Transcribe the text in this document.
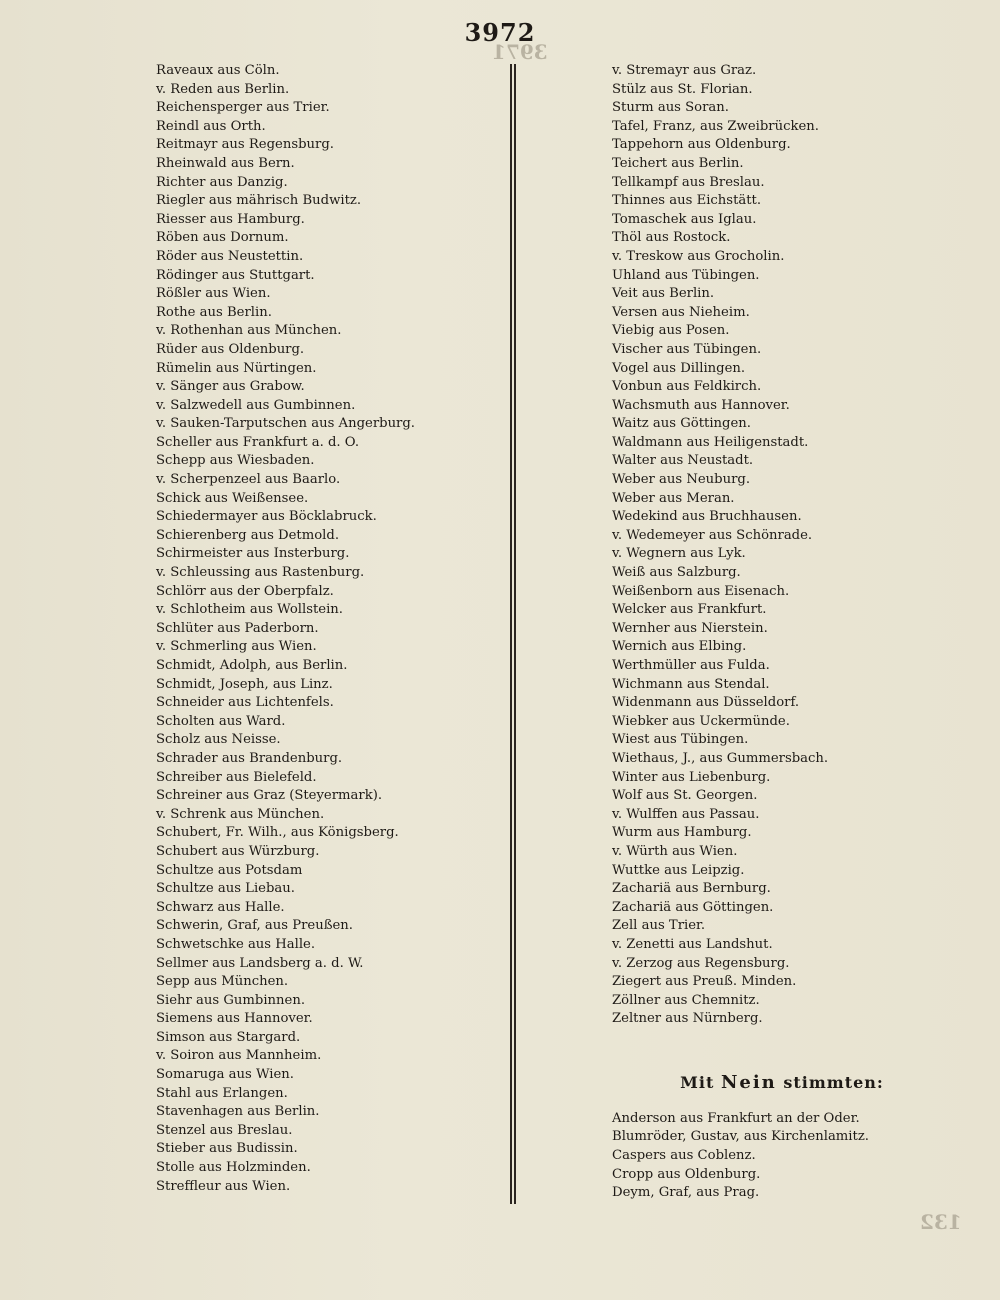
3971
132
3972
Raveaux aus Cöln.
v. Reden aus Berlin.
Reichensperger aus Trier.
Reindl aus Orth.
Reitmayr aus Regensburg.
Rheinwald aus Bern.
Richter aus Danzig.
Riegler aus mährisch Budwitz.
Riesser aus Hamburg.
Röben aus Dornum.
Röder aus Neustettin.
Rödinger aus Stuttgart.
Rößler aus Wien.
Rothe aus Berlin.
v. Rothenhan aus München.
Rüder aus Oldenburg.
Rümelin aus Nürtingen.
v. Sänger aus Grabow.
v. Salzwedell aus Gumbinnen.
v. Sauken-Tarputschen aus Angerburg.
Scheller aus Frankfurt a. d. O.
Schepp aus Wiesbaden.
v. Scherpenzeel aus Baarlo.
Schick aus Weißensee.
Schiedermayer aus Böcklabruck.
Schierenberg aus Detmold.
Schirmeister aus Insterburg.
v. Schleussing aus Rastenburg.
Schlörr aus der Oberpfalz.
v. Schlotheim aus Wollstein.
Schlüter aus Paderborn.
v. Schmerling aus Wien.
Schmidt, Adolph, aus Berlin.
Schmidt, Joseph, aus Linz.
Schneider aus Lichtenfels.
Scholten aus Ward.
Scholz aus Neisse.
Schrader aus Brandenburg.
Schreiber aus Bielefeld.
Schreiner aus Graz (Steyermark).
v. Schrenk aus München.
Schubert, Fr. Wilh., aus Königsberg.
Schubert aus Würzburg.
Schultze aus Potsdam
Schultze aus Liebau.
Schwarz aus Halle.
Schwerin, Graf, aus Preußen.
Schwetschke aus Halle.
Sellmer aus Landsberg a. d. W.
Sepp aus München.
Siehr aus Gumbinnen.
Siemens aus Hannover.
Simson aus Stargard.
v. Soiron aus Mannheim.
Somaruga aus Wien.
Stahl aus Erlangen.
Stavenhagen aus Berlin.
Stenzel aus Breslau.
Stieber aus Budissin.
Stolle aus Holzminden.
Streffleur aus Wien.
v. Stremayr aus Graz.
Stülz aus St. Florian.
Sturm aus Soran.
Tafel, Franz, aus Zweibrücken.
Tappehorn aus Oldenburg.
Teichert aus Berlin.
Tellkampf aus Breslau.
Thinnes aus Eichstätt.
Tomaschek aus Iglau.
Thöl aus Rostock.
v. Treskow aus Grocholin.
Uhland aus Tübingen.
Veit aus Berlin.
Versen aus Nieheim.
Viebig aus Posen.
Vischer aus Tübingen.
Vogel aus Dillingen.
Vonbun aus Feldkirch.
Wachsmuth aus Hannover.
Waitz aus Göttingen.
Waldmann aus Heiligenstadt.
Walter aus Neustadt.
Weber aus Neuburg.
Weber aus Meran.
Wedekind aus Bruchhausen.
v. Wedemeyer aus Schönrade.
v. Wegnern aus Lyk.
Weiß aus Salzburg.
Weißenborn aus Eisenach.
Welcker aus Frankfurt.
Wernher aus Nierstein.
Wernich aus Elbing.
Werthmüller aus Fulda.
Wichmann aus Stendal.
Widenmann aus Düsseldorf.
Wiebker aus Uckermünde.
Wiest aus Tübingen.
Wiethaus, J., aus Gummersbach.
Winter aus Liebenburg.
Wolf aus St. Georgen.
v. Wulffen aus Passau.
Wurm aus Hamburg.
v. Würth aus Wien.
Wuttke aus Leipzig.
Zachariä aus Bernburg.
Zachariä aus Göttingen.
Zell aus Trier.
v. Zenetti aus Landshut.
v. Zerzog aus Regensburg.
Ziegert aus Preuß. Minden.
Zöllner aus Chemnitz.
Zeltner aus Nürnberg.
Mit Nein stimmten:
Anderson aus Frankfurt an der Oder.
Blumröder, Gustav, aus Kirchenlamitz.
Caspers aus Coblenz.
Cropp aus Oldenburg.
Deym, Graf, aus Prag.
